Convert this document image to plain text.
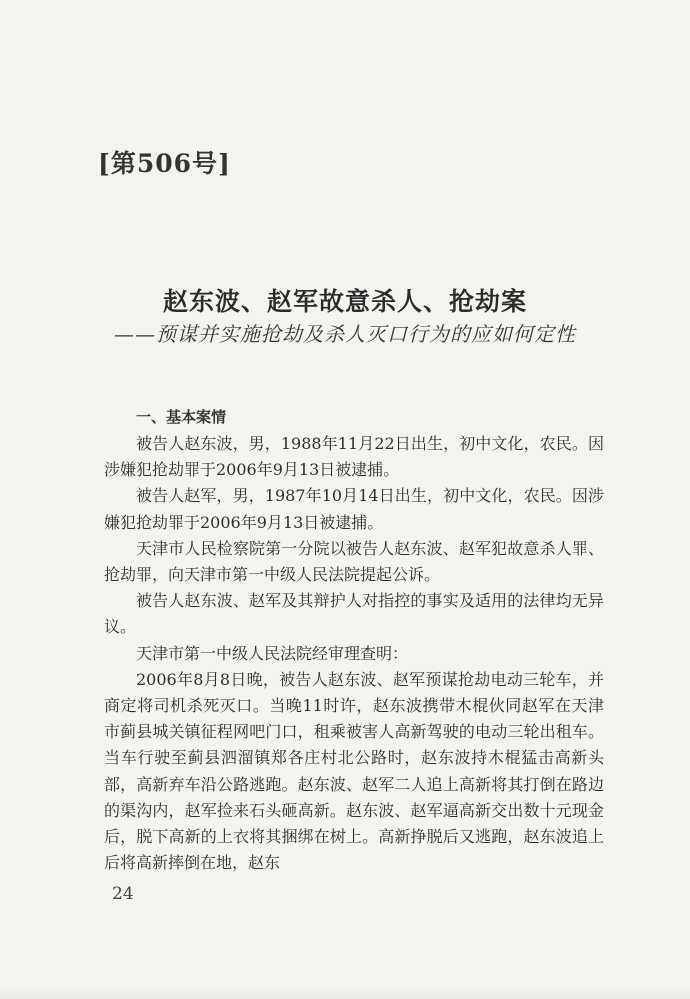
[第506号]
赵东波、赵军故意杀人、抢劫案
——预谋并实施抢劫及杀人灭口行为的应如何定性
一、基本案情

被告人赵东波，男，1988年11月22日出生，初中文化，农民。因涉嫌犯抢劫罪于2006年9月13日被逮捕。

被告人赵军，男，1987年10月14日出生，初中文化，农民。因涉嫌犯抢劫罪于2006年9月13日被逮捕。

天津市人民检察院第一分院以被告人赵东波、赵军犯故意杀人罪、抢劫罪，向天津市第一中级人民法院提起公诉。

被告人赵东波、赵军及其辩护人对指控的事实及适用的法律均无异议。

天津市第一中级人民法院经审理查明：

2006年8月8日晚，被告人赵东波、赵军预谋抢劫电动三轮车，并商定将司机杀死灭口。当晚11时许，赵东波携带木棍伙同赵军在天津市蓟县城关镇征程网吧门口，租乘被害人高新驾驶的电动三轮出租车。当车行驶至蓟县泗溜镇郑各庄村北公路时，赵东波持木棍猛击高新头部，高新弃车沿公路逃跑。赵东波、赵军二人追上高新将其打倒在路边的渠沟内，赵军捡来石头砸高新。赵东波、赵军逼高新交出数十元现金后，脱下高新的上衣将其捆绑在树上。高新挣脱后又逃跑，赵东波追上后将高新摔倒在地，赵东

24
